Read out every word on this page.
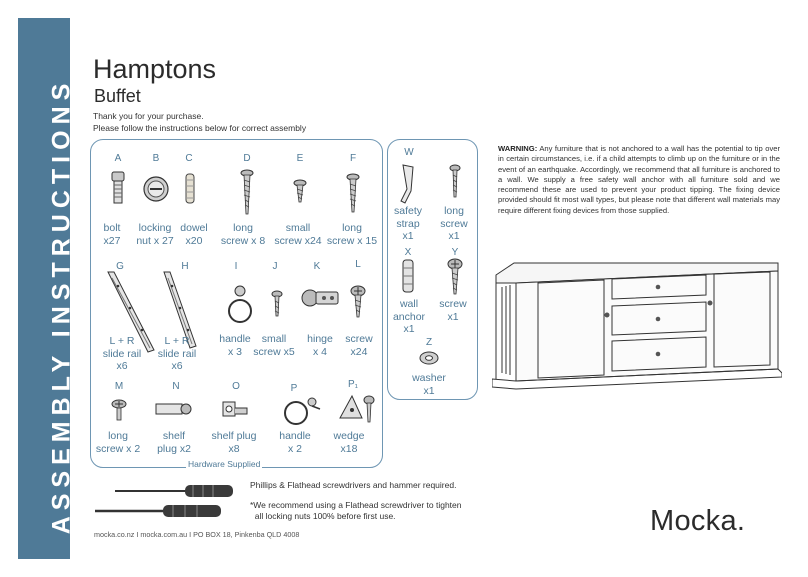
ASSEMBLY INSTRUCTIONS
Hamptons
Buffet
Thank you for your purchase.
Please follow the instructions below for correct assembly
Hardware Supplied
A	B	C	D	E	F
W
bolt
x27
locking
nut x 27
dowel
x20
long
screw x 8
small
screw x24
long
screw x 15
safety
strap
x1
long
screw
x1
G	H	I	J	K	L
X	Y
L + R
slide rail
x6
L + R
slide rail
x6
handle
x 3
small
screw x5
hinge
x 4
screw
x24
wall
anchor
x1
screw
x1
Z
washer
x1
M	N	O	P	P₁
long
screw x 2
shelf
plug x2
shelf plug
x8
handle
x 2
wedge
x18
WARNING: Any furniture that is not anchored to a wall has the potential to tip over in certain circumstances, i.e. if a child attempts to climb up on the furniture or in the event of an earthquake. Accordingly, we recommend that all furniture is anchored to a wall. We supply a free safety wall anchor with all furniture sold and we recommend these are used to prevent your product tipping. The fixing device provided should fit most wall types, but please note that different wall materials may require different fixing devices from those supplied.
Phillips & Flathead screwdrivers and hammer required.
*We recommend using a Flathead screwdriver to tighten
all locking nuts 100% before first use.
mocka.co.nz I mocka.com.au I PO BOX 18, Pinkenba QLD 4008	Mocka.
